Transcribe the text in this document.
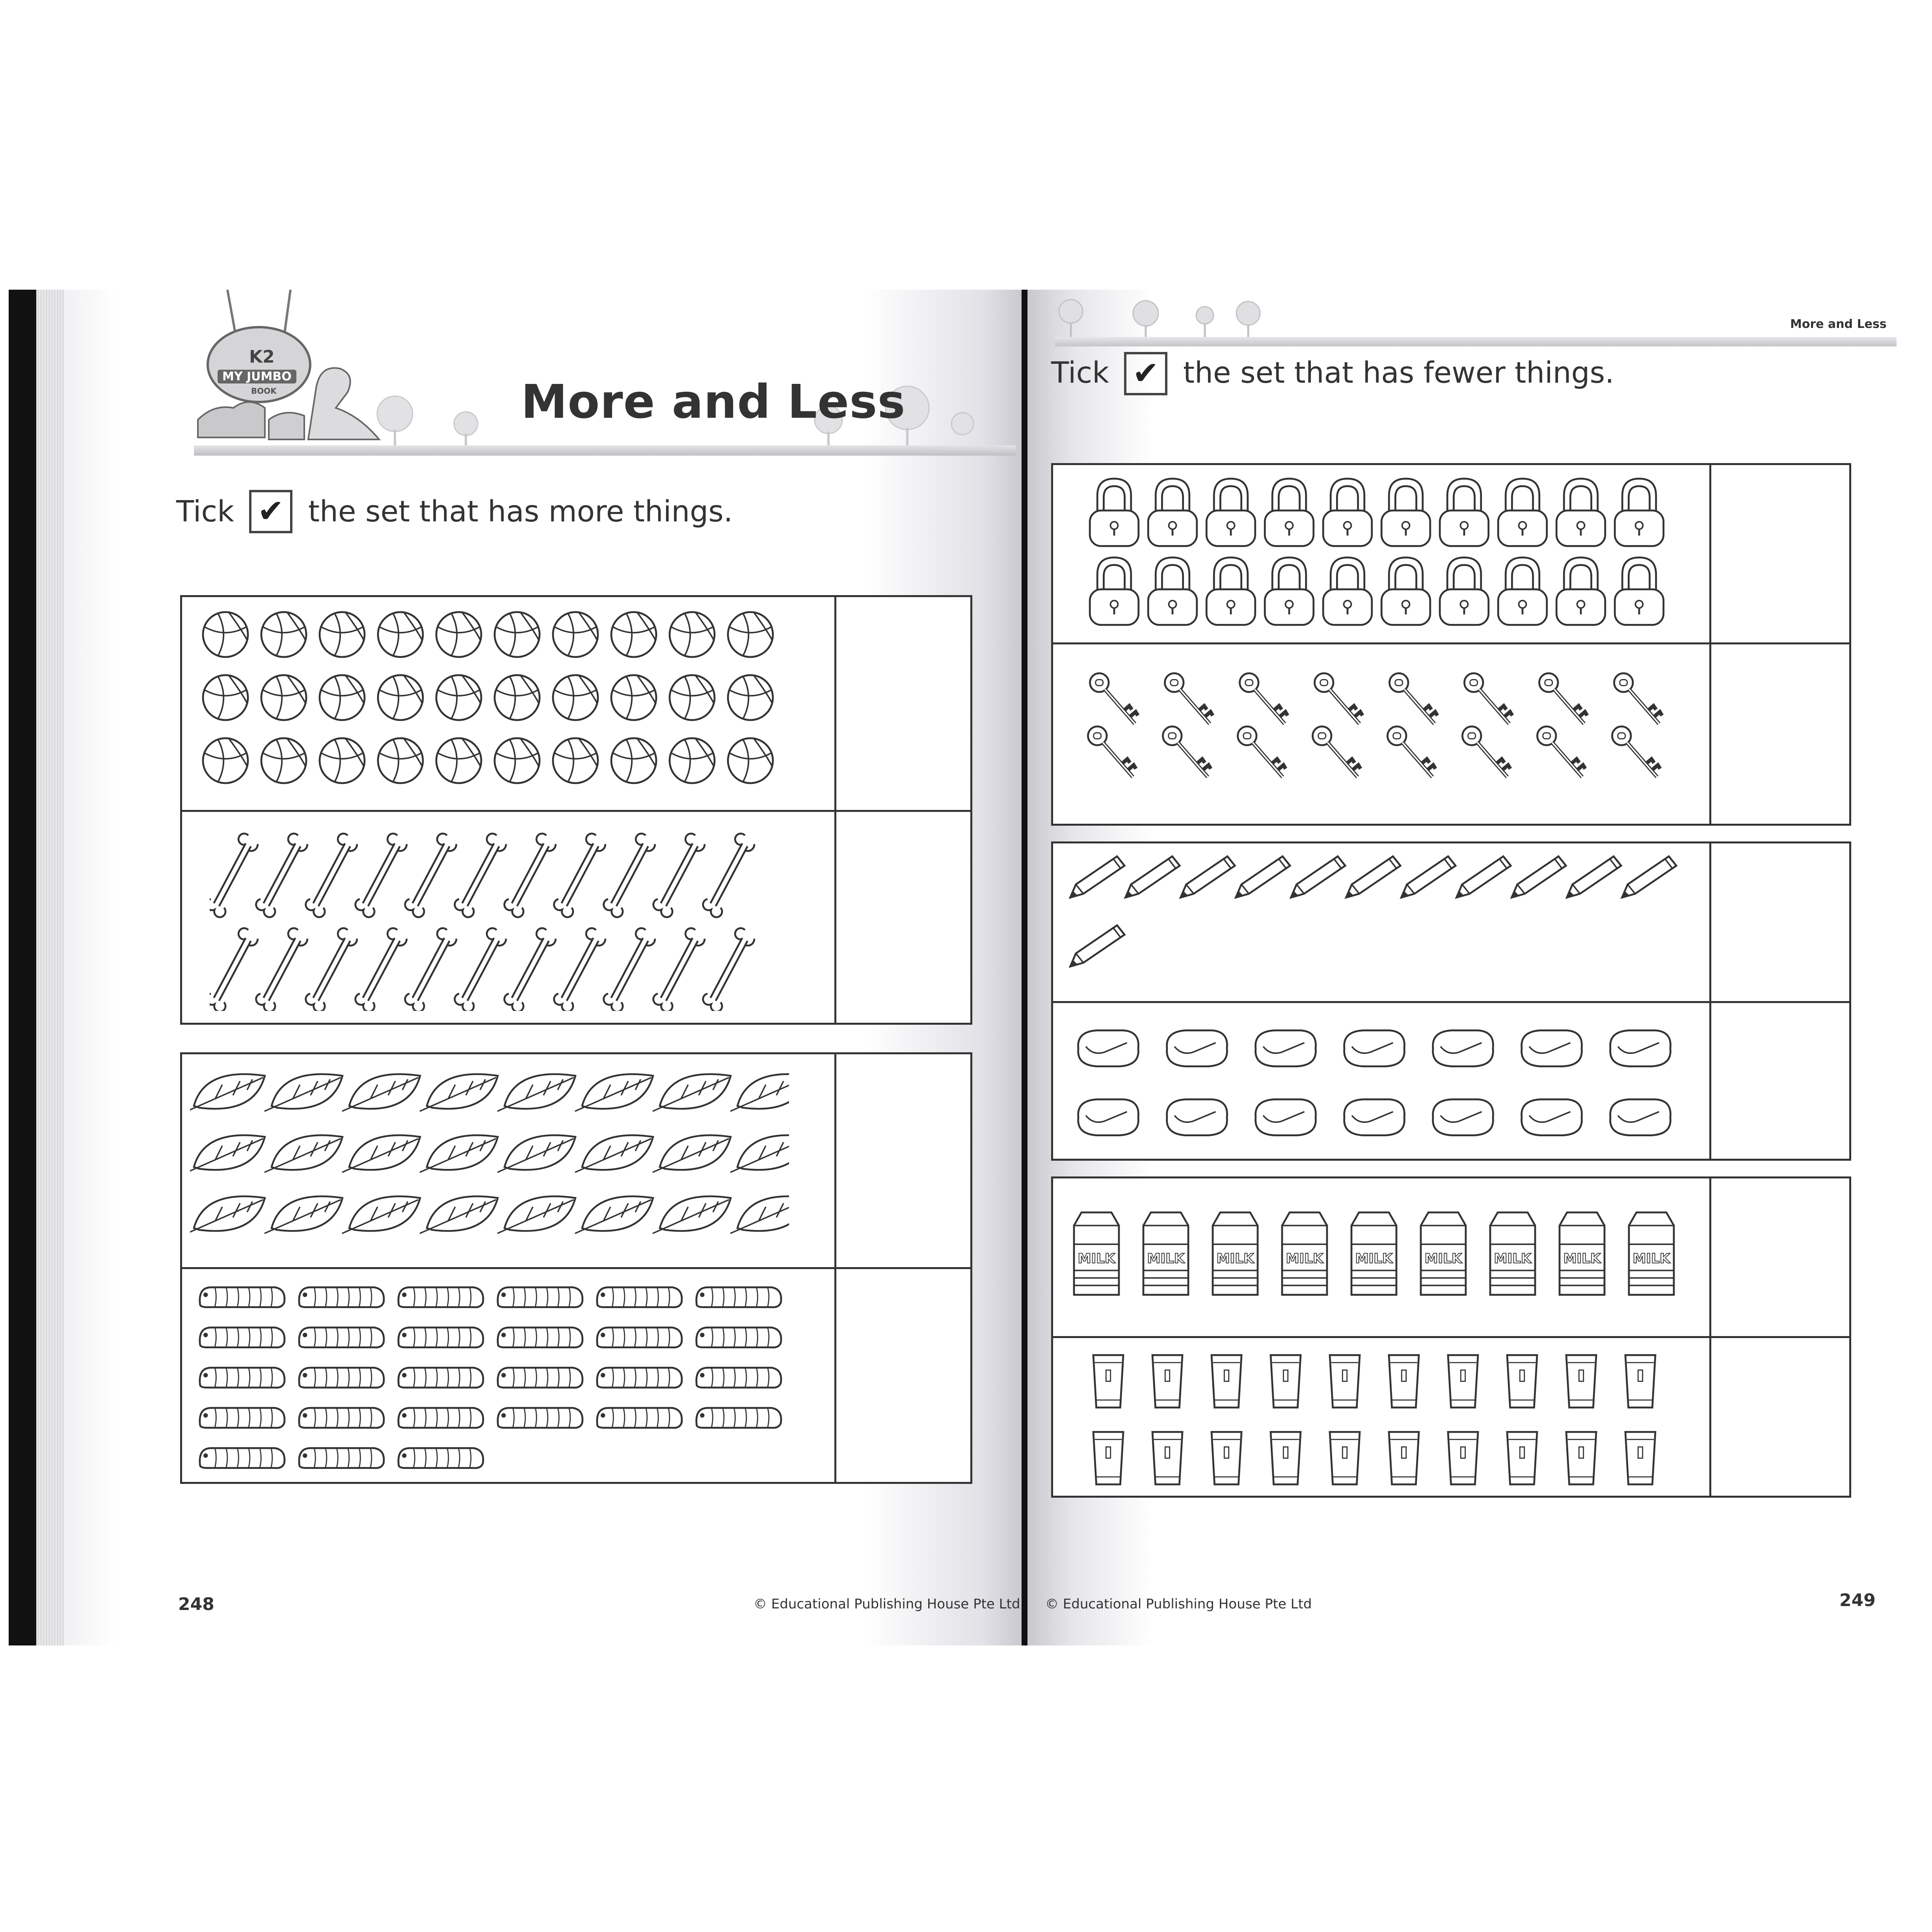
K2
MY JUMBO
BOOK	More and Less
Tick ✔ the set that has more things.
© Educational Publishing House Pte Ltd
248
More and Less
Tick ✔ the set that has fewer things.
MILK MILK MILK MILK MILK MILK MILK MILK MILK
© Educational Publishing House Pte Ltd	249
